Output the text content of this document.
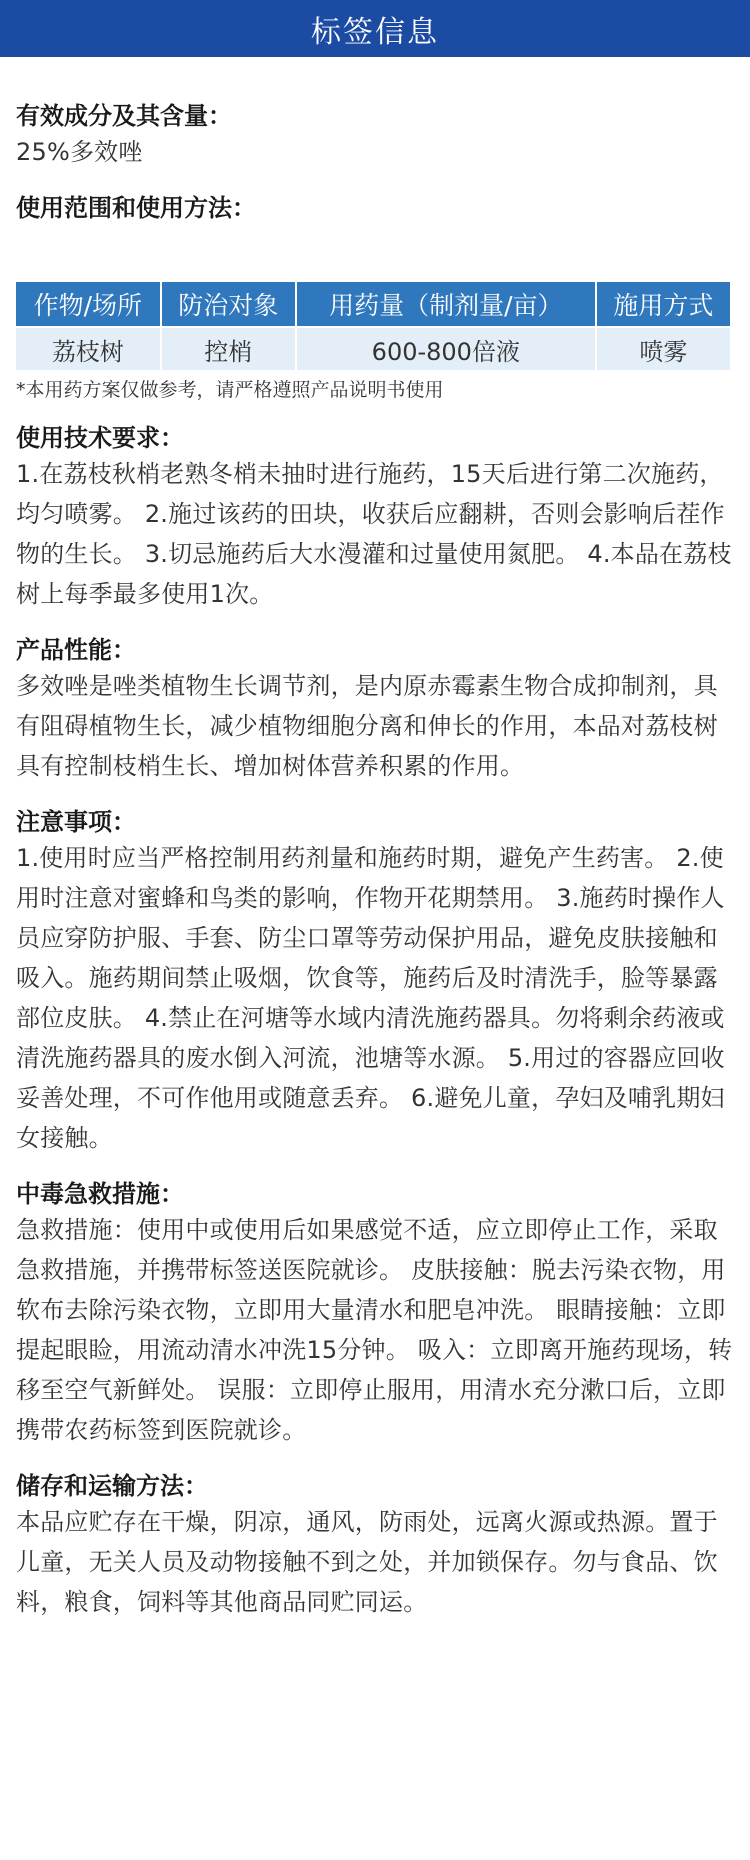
标签信息

有效成分及其含量：

25%多效唑

使用范围和使用方法：

作物/场所	防治对象	用药量（制剂量/亩）	施用方式
荔枝树	控梢	600-800倍液	喷雾

*本用药方案仅做参考，请严格遵照产品说明书使用

使用技术要求：

1.在荔枝秋梢老熟冬梢未抽时进行施药，15天后进行第二次施药，均匀喷雾。 2.施过该药的田块，收获后应翻耕，否则会影响后茬作物的生长。 3.切忌施药后大水漫灌和过量使用氮肥。 4.本品在荔枝树上每季最多使用1次。

产品性能：

多效唑是唑类植物生长调节剂，是内原赤霉素生物合成抑制剂，具有阻碍植物生长，减少植物细胞分离和伸长的作用，本品对荔枝树具有控制枝梢生长、增加树体营养积累的作用。

注意事项：

1.使用时应当严格控制用药剂量和施药时期，避免产生药害。 2.使用时注意对蜜蜂和鸟类的影响，作物开花期禁用。 3.施药时操作人员应穿防护服、手套、防尘口罩等劳动保护用品，避免皮肤接触和吸入。施药期间禁止吸烟，饮食等，施药后及时清洗手，脸等暴露部位皮肤。 4.禁止在河塘等水域内清洗施药器具。勿将剩余药液或清洗施药器具的废水倒入河流，池塘等水源。 5.用过的容器应回收妥善处理，不可作他用或随意丢弃。 6.避免儿童，孕妇及哺乳期妇女接触。

中毒急救措施：

急救措施：使用中或使用后如果感觉不适，应立即停止工作，采取急救措施，并携带标签送医院就诊。 皮肤接触：脱去污染衣物，用软布去除污染衣物，立即用大量清水和肥皂冲洗。 眼睛接触：立即提起眼睑，用流动清水冲洗15分钟。 吸入：立即离开施药现场，转移至空气新鲜处。 误服：立即停止服用，用清水充分漱口后，立即携带农药标签到医院就诊。

储存和运输方法：

本品应贮存在干燥，阴凉，通风，防雨处，远离火源或热源。置于儿童，无关人员及动物接触不到之处，并加锁保存。勿与食品、饮料，粮食，饲料等其他商品同贮同运。
